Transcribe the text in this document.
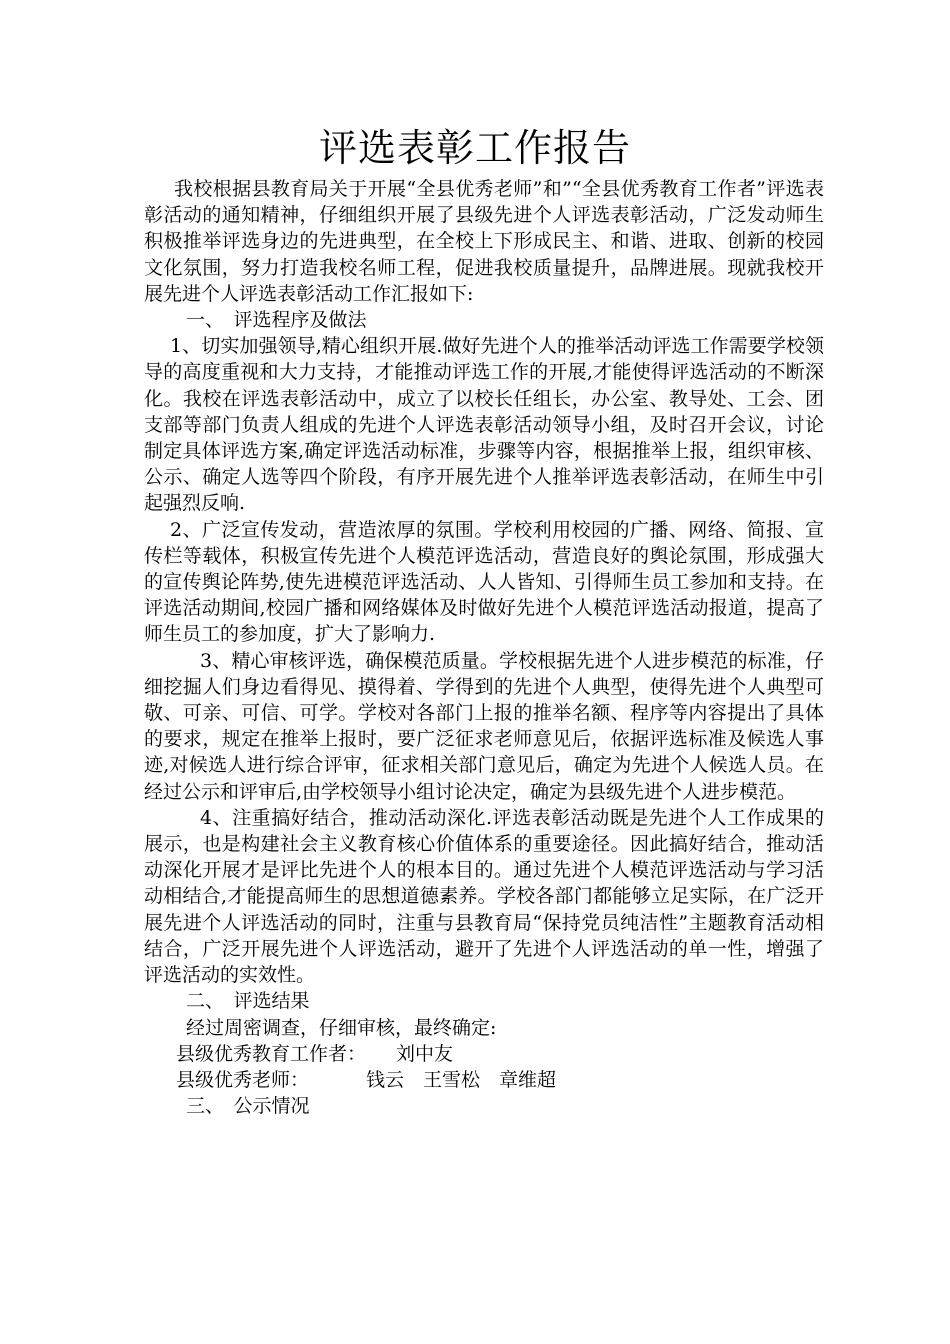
评选表彰工作报告

我校根据县教育局关于开展“全县优秀老师”和”“全县优秀教育工作者”评选表彰活动的通知精神，仔细组织开展了县级先进个人评选表彰活动，广泛发动师生积极推举评选身边的先进典型，在全校上下形成民主、和谐、进取、创新的校园文化氛围，努力打造我校名师工程，促进我校质量提升，品牌进展。现就我校开展先进个人评选表彰活动工作汇报如下:

一、　评选程序及做法

1、切实加强领导,精心组织开展.做好先进个人的推举活动评选工作需要学校领导的高度重视和大力支持，才能推动评选工作的开展,才能使得评选活动的不断深化。我校在评选表彰活动中，成立了以校长任组长，办公室、教导处、工会、团支部等部门负责人组成的先进个人评选表彰活动领导小组，及时召开会议，讨论制定具体评选方案,确定评选活动标准，步骤等内容，根据推举上报，组织审核、公示、确定人选等四个阶段，有序开展先进个人推举评选表彰活动，在师生中引起强烈反响.

2、广泛宣传发动，营造浓厚的氛围。学校利用校园的广播、网络、简报、宣传栏等载体，积极宣传先进个人模范评选活动，营造良好的舆论氛围，形成强大的宣传舆论阵势,使先进模范评选活动、人人皆知、引得师生员工参加和支持。在评选活动期间,校园广播和网络媒体及时做好先进个人模范评选活动报道，提高了师生员工的参加度，扩大了影响力.

3、精心审核评选，确保模范质量。学校根据先进个人进步模范的标准，仔细挖掘人们身边看得见、摸得着、学得到的先进个人典型，使得先进个人典型可敬、可亲、可信、可学。学校对各部门上报的推举名额、程序等内容提出了具体的要求，规定在推举上报时，要广泛征求老师意见后，依据评选标准及候选人事迹,对候选人进行综合评审，征求相关部门意见后，确定为先进个人候选人员。在经过公示和评审后,由学校领导小组讨论决定，确定为县级先进个人进步模范。

4、注重搞好结合，推动活动深化.评选表彰活动既是先进个人工作成果的展示，也是构建社会主义教育核心价值体系的重要途径。因此搞好结合，推动活动深化开展才是评比先进个人的根本目的。通过先进个人模范评选活动与学习活动相结合,才能提高师生的思想道德素养。学校各部门都能够立足实际，在广泛开展先进个人评选活动的同时，注重与县教育局“保持党员纯洁性”主题教育活动相结合，广泛开展先进个人评选活动，避开了先进个人评选活动的单一性，增强了评选活动的实效性。

二、　评选结果

经过周密调查，仔细审核，最终确定:

县级优秀教育工作者： 刘中友
县级优秀老师：	钱云　王雪松　章维超

三、　公示情况
